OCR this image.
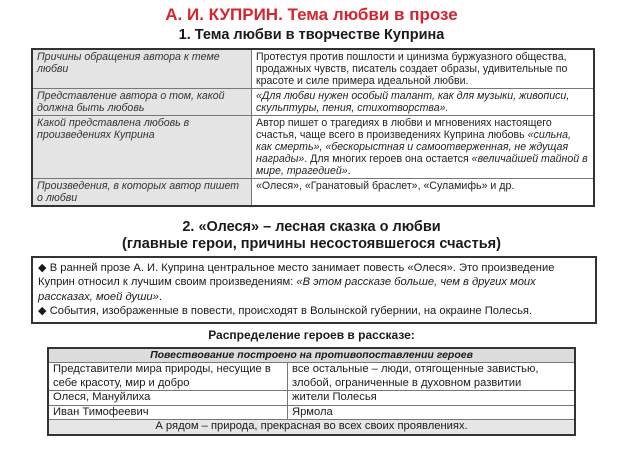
А. И. КУПРИН. Тема любви в прозе
1. Тема любви в творчестве Куприна
Причины обращения автора к теме любви	Протестуя против пошлости и цинизма буржуазного общества, продажных чувств, писатель создает образы, удивительные по красоте и силе примера идеальной любви.
Представление автора о том, какой должна быть любовь	«Для любви нужен особый талант, как для музыки, живописи, скульптуры, пения, стихотворства».
Какой представлена любовь в произведениях Куприна	Автор пишет о трагедиях в любви и мгновениях настоящего счастья, чаще всего в произведениях Куприна любовь «сильна, как смерть», «бескорыстная и самоотверженная, не ждущая награды». Для многих героев она остается «величайшей тайной в мире, трагедией».
Произведения, в которых автор пишет о любви	«Олеся», «Гранатовый браслет», «Суламифь» и др.
2. «Олеся» – лесная сказка о любви
(главные герои, причины несостоявшегося счастья)

◆ В ранней прозе А. И. Куприна центральное место занимает повесть «Олеся». Это произведение Куприн относил к лучшим своим произведениям: «В этом рассказе больше, чем в других моих рассказах, моей души».

◆ События, изображенные в повести, происходят в Волынской губернии, на окраине Полесья.

Распределение героев в рассказе:
Повествование построено на противопоставлении героев	
Представители мира природы, несущие в себе красоту, мир и добро	все остальные – люди, отягощенные завистью, злобой, ограниченные в духовном развитии
Олеся, Мануйлиха	жители Полесья
Иван Тимофеевич	Ярмола
А рядом – природа, прекрасная во всех своих проявлениях.	
